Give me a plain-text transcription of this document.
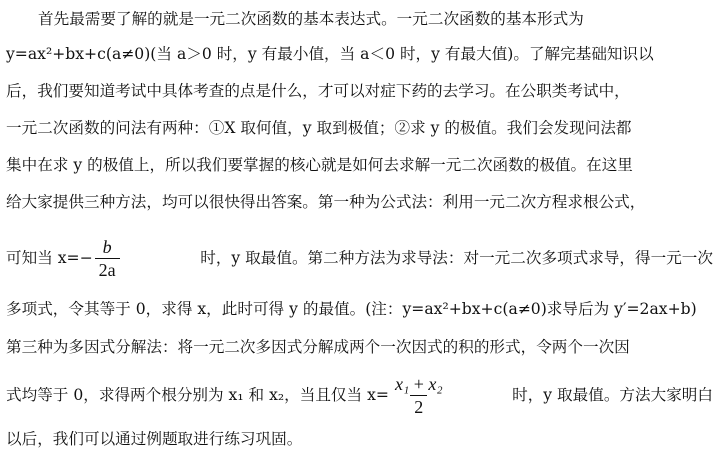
首先最需要了解的就是一元二次函数的基本表达式。一元二次函数的基本形式为
y=ax²+bx+c(a≠0)(当 a＞0 时，y 有最小值，当 a＜0 时，y 有最大值)。了解完基础知识以
后，我们要知道考试中具体考查的点是什么，才可以对症下药的去学习。在公职类考试中，
一元二次函数的问法有两种：①X 取何值，y 取到极值；②求 y 的极值。我们会发现问法都
集中在求 y 的极值上，所以我们要掌握的核心就是如何去求解一元二次函数的极值。在这里
给大家提供三种方法，均可以很快得出答案。第一种为公式法：利用一元二次方程求根公式，
可知当 $x=- \frac{b}{2a}$	时，y 取最值。第二种方法为求导法：对一元二次多项式求导，得一元一次
多项式，令其等于 0，求得 x，此时可得 y 的最值。(注：y=ax²+bx+c(a≠0)求导后为 y′=2ax+b)
第三种为多因式分解法：将一元二次多因式分解成两个一次因式的积的形式，令两个一次因
式均等于 0，求得两个根分别为 x₁ 和 x₂，当且仅当 $x= \frac{\text{x₁ + x₂}}{2}$	时，y 取最值。方法大家明白
以后，我们可以通过例题取进行练习巩固。
